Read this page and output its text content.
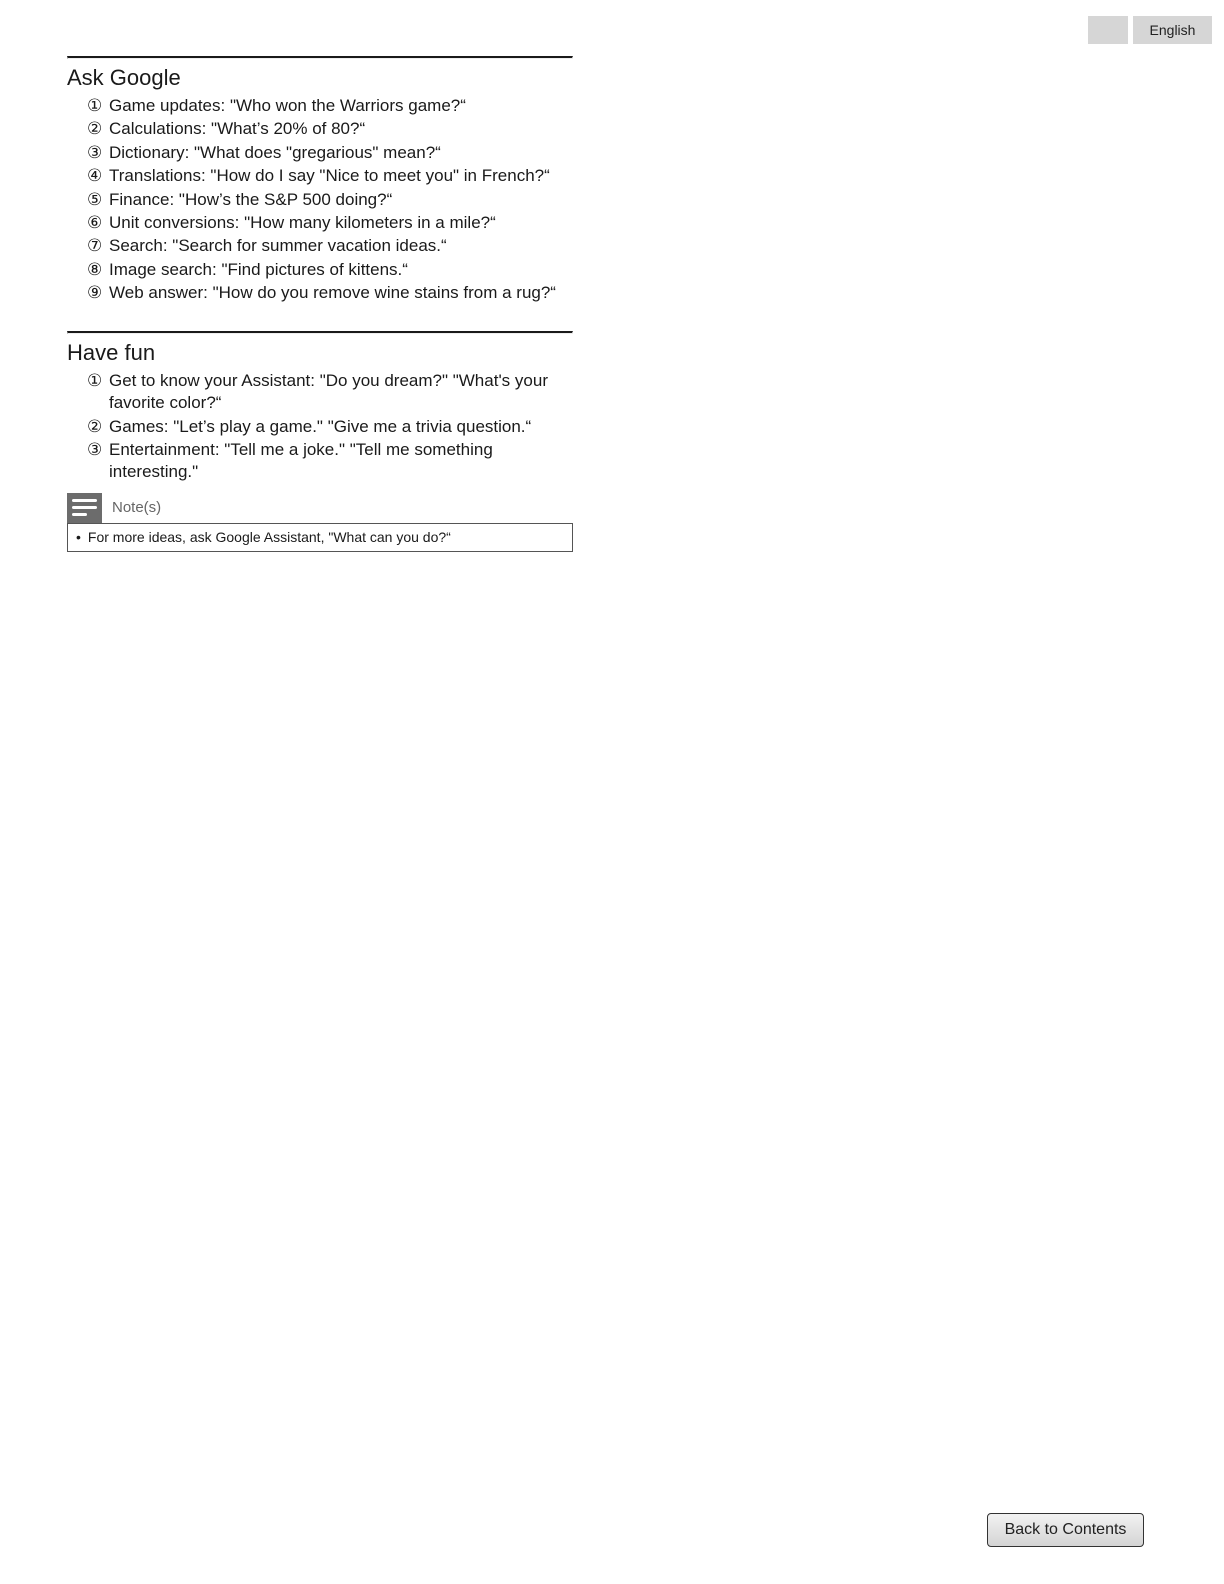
English
Ask Google
① Game updates: "Who won the Warriors game?“
② Calculations: "What’s 20% of 80?“
③ Dictionary: "What does "gregarious" mean?“
④ Translations: "How do I say "Nice to meet you" in French?“
⑤ Finance: "How’s the S&P 500 doing?“
⑥ Unit conversions: "How many kilometers in a mile?“
⑦ Search: "Search for summer vacation ideas.“
⑧ Image search: "Find pictures of kittens.“
⑨ Web answer: "How do you remove wine stains from a rug?“
Have fun
① Get to know your Assistant: "Do you dream?" "What's your favorite color?“
② Games: "Let’s play a game." "Give me a trivia question.“
③ Entertainment: "Tell me a joke." "Tell me something interesting."
Note(s)
• For more ideas, ask Google Assistant, "What can you do?“
Back to Contents
